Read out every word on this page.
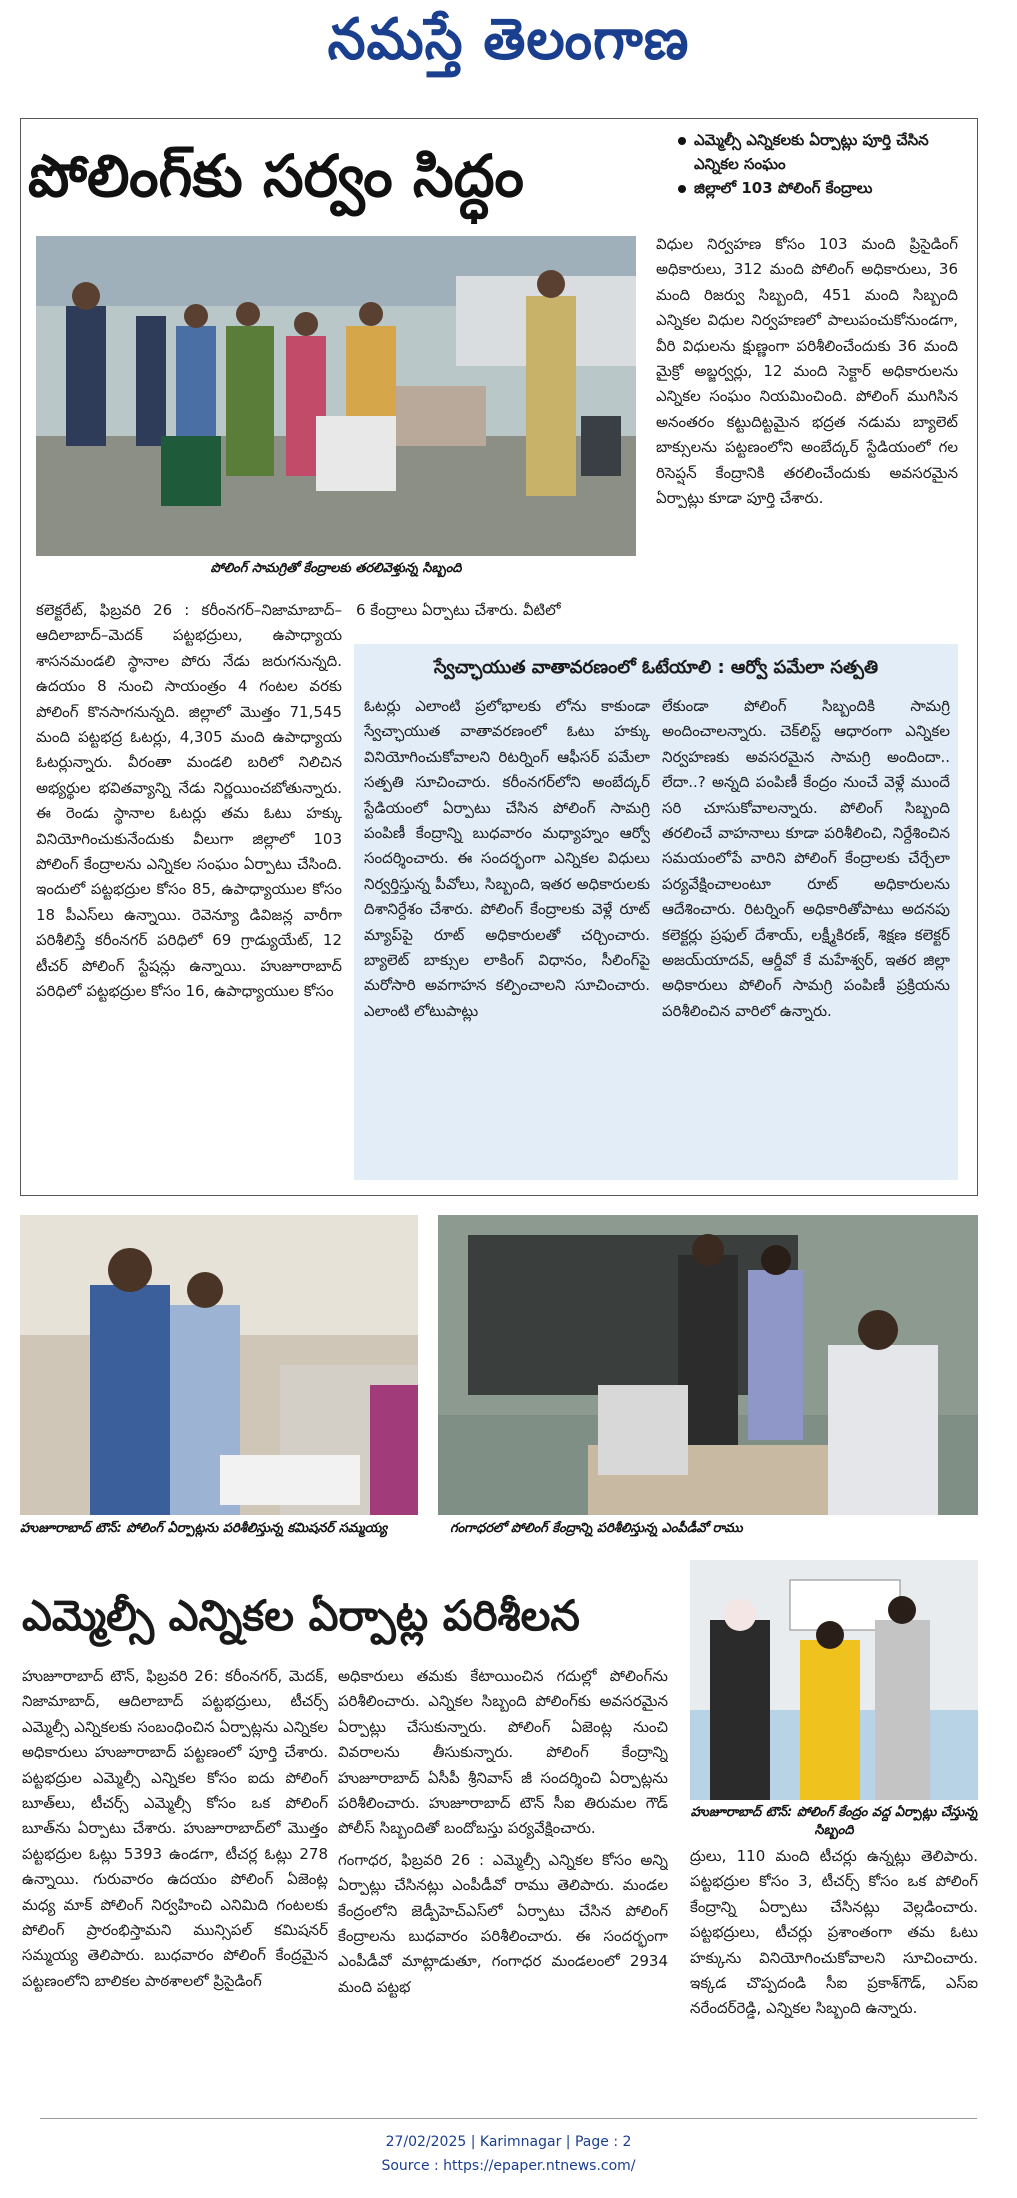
నమస్తే తెలంగాణ
పోలింగ్‌కు సర్వం సిద్ధం
ఎమ్మెల్సీ ఎన్నికలకు ఏర్పాట్లు పూర్తి చేసిన ఎన్నికల సంఘం
జిల్లాలో 103 పోలింగ్ కేంద్రాలు
పోలింగ్ సామగ్రితో కేంద్రాలకు తరలివెళ్తున్న సిబ్బంది

విధుల నిర్వహణ కోసం 103 మంది ప్రిసైడింగ్ అధికారులు, 312 మంది పోలింగ్ అధికారులు, 36 మంది రిజర్వు సిబ్బంది, 451 మంది సిబ్బంది ఎన్నికల విధుల నిర్వహణలో పాలుపంచుకోనుండగా, వీరి విధులను క్షుణ్ణంగా పరిశీలించేందుకు 36 మంది మైక్రో అబ్జర్వర్లు, 12 మంది సెక్టార్ అధికారులను ఎన్నికల సంఘం నియమించింది. పోలింగ్ ముగిసిన అనంతరం కట్టుదిట్టమైన భద్రత నడుమ బ్యాలెట్ బాక్సులను పట్టణంలోని అంబేద్కర్ స్టేడియంలో గల రిసెప్షన్ కేంద్రానికి తరలించేందుకు అవసరమైన ఏర్పాట్లు కూడా పూర్తి చేశారు.

కలెక్టరేట్, ఫిబ్రవరి 26 : కరీంనగర్–నిజామాబాద్–ఆదిలాబాద్–మెదక్ పట్టభద్రులు, ఉపాధ్యాయ శాసనమండలి స్థానాల పోరు నేడు జరుగనున్నది. ఉదయం 8 నుంచి సాయంత్రం 4 గంటల వరకు పోలింగ్ కొనసాగనున్నది. జిల్లాలో మొత్తం 71,545 మంది పట్టభద్ర ఓటర్లు, 4,305 మంది ఉపాధ్యాయ ఓటర్లున్నారు. వీరంతా మండలి బరిలో నిలిచిన అభ్యర్థుల భవితవ్యాన్ని నేడు నిర్ణయించబోతున్నారు. ఈ రెండు స్థానాల ఓటర్లు తమ ఓటు హక్కు వినియోగించుకునేందుకు వీలుగా జిల్లాలో 103 పోలింగ్ కేంద్రాలను ఎన్నికల సంఘం ఏర్పాటు చేసింది. ఇందులో పట్టభద్రుల కోసం 85, ఉపాధ్యాయుల కోసం 18 పీఎస్‌లు ఉన్నాయి. రెవెన్యూ డివిజన్ల వారీగా పరిశీలిస్తే కరీంనగర్ పరిధిలో 69 గ్రాడ్యుయేట్, 12 టీచర్ పోలింగ్ స్టేషన్లు ఉన్నాయి. హుజూరాబాద్ పరిధిలో పట్టభద్రుల కోసం 16, ఉపాధ్యాయుల కోసం

6 కేంద్రాలు ఏర్పాటు చేశారు. వీటిలో

స్వేచ్ఛాయుత వాతావరణంలో ఓటేయాలి : ఆర్వో పమేలా సత్పతి

ఓటర్లు ఎలాంటి ప్రలోభాలకు లోను కాకుండా స్వేచ్ఛాయుత వాతావరణంలో ఓటు హక్కు వినియోగించుకోవాలని రిటర్నింగ్ ఆఫీసర్ పమేలా సత్పతి సూచించారు. కరీంనగర్‌లోని అంబేద్కర్ స్టేడియంలో ఏర్పాటు చేసిన పోలింగ్ సామగ్రి పంపిణీ కేంద్రాన్ని బుధవారం మధ్యాహ్నం ఆర్వో సందర్శించారు. ఈ సందర్భంగా ఎన్నికల విధులు నిర్వర్తిస్తున్న పీవోలు, సిబ్బంది, ఇతర అధికారులకు దిశానిర్దేశం చేశారు. పోలింగ్ కేంద్రాలకు వెళ్లే రూట్ మ్యాప్‌పై రూట్ అధికారులతో చర్చించారు. బ్యాలెట్ బాక్సుల లాకింగ్ విధానం, సీలింగ్‌పై మరోసారి అవగాహన కల్పించాలని సూచించారు. ఎలాంటి లోటుపాట్లు

లేకుండా పోలింగ్ సిబ్బందికి సామగ్రి అందించాలన్నారు. చెక్‌లిస్ట్ ఆధారంగా ఎన్నికల నిర్వహణకు అవసరమైన సామగ్రి అందిందా.. లేదా..? అన్నది పంపిణీ కేంద్రం నుంచే వెళ్లే ముందే సరి చూసుకోవాలన్నారు. పోలింగ్ సిబ్బంది తరలించే వాహనాలు కూడా పరిశీలించి, నిర్దేశించిన సమయంలోపే వారిని పోలింగ్ కేంద్రాలకు చేర్చేలా పర్యవేక్షించాలంటూ రూట్ అధికారులను ఆదేశించారు. రిటర్నింగ్ అధికారితోపాటు అదనపు కలెక్టర్లు ప్రఫుల్ దేశాయ్, లక్ష్మీకిరణ్, శిక్షణ కలెక్టర్ అజయ్‌యాదవ్, ఆర్డీవో కే మహేశ్వర్, ఇతర జిల్లా అధికారులు పోలింగ్ సామగ్రి పంపిణీ ప్రక్రియను పరిశీలించిన వారిలో ఉన్నారు.

హుజూరాబాద్ టౌన్: పోలింగ్ ఏర్పాట్లను పరిశీలిస్తున్న కమిషనర్ సమ్మయ్య	గంగాధరలో పోలింగ్ కేంద్రాన్ని పరిశీలిస్తున్న ఎంపీడీవో రాము
ఎమ్మెల్సీ ఎన్నికల ఏర్పాట్ల పరిశీలన

హుజూరాబాద్ టౌన్, ఫిబ్రవరి 26: కరీంనగర్, మెదక్, నిజామాబాద్, ఆదిలాబాద్ పట్టభద్రులు, టీచర్స్ ఎమ్మెల్సీ ఎన్నికలకు సంబంధించిన ఏర్పాట్లను ఎన్నికల అధికారులు హుజూరాబాద్ పట్టణంలో పూర్తి చేశారు. పట్టభద్రుల ఎమ్మెల్సీ ఎన్నికల కోసం ఐదు పోలింగ్ బూత్‌లు, టీచర్స్ ఎమ్మెల్సీ కోసం ఒక పోలింగ్ బూత్‌ను ఏర్పాటు చేశారు. హుజూరాబాద్‌లో మొత్తం పట్టభద్రుల ఓట్లు 5393 ఉండగా, టీచర్ల ఓట్లు 278 ఉన్నాయి. గురువారం ఉదయం పోలింగ్ ఏజెంట్ల మధ్య మాక్ పోలింగ్ నిర్వహించి ఎనిమిది గంటలకు పోలింగ్ ప్రారంభిస్తామని మున్సిపల్ కమిషనర్ సమ్మయ్య తెలిపారు. బుధవారం పోలింగ్ కేంద్రమైన పట్టణంలోని బాలికల పాఠశాలలో ప్రిసైడింగ్

అధికారులు తమకు కేటాయించిన గదుల్లో పోలింగ్‌ను పరిశీలించారు. ఎన్నికల సిబ్బంది పోలింగ్‌కు అవసరమైన ఏర్పాట్లు చేసుకున్నారు. పోలింగ్ ఏజెంట్ల నుంచి వివరాలను తీసుకున్నారు. పోలింగ్ కేంద్రాన్ని హుజూరాబాద్ ఏసీపీ శ్రీనివాస్ జీ సందర్శించి ఏర్పాట్లను పరిశీలించారు. హుజూరాబాద్ టౌన్ సీఐ తిరుమల గౌడ్ పోలీస్ సిబ్బందితో బందోబస్తు పర్యవేక్షించారు.

గంగాధర, ఫిబ్రవరి 26 : ఎమ్మెల్సీ ఎన్నికల కోసం అన్ని ఏర్పాట్లు చేసినట్లు ఎంపీడీవో రాము తెలిపారు. మండల కేంద్రంలోని జెడ్పీహెచ్ఎస్‌లో ఏర్పాటు చేసిన పోలింగ్ కేంద్రాలను బుధవారం పరిశీలించారు. ఈ సందర్భంగా ఎంపీడీవో మాట్లాడుతూ, గంగాధర మండలంలో 2934 మంది పట్టభ

హుజూరాబాద్ టౌన్: పోలింగ్ కేంద్రం వద్ద ఏర్పాట్లు చేస్తున్న సిబ్బంది

ద్రులు, 110 మంది టీచర్లు ఉన్నట్లు తెలిపారు. పట్టభద్రుల కోసం 3, టీచర్స్ కోసం ఒక పోలింగ్ కేంద్రాన్ని ఏర్పాటు చేసినట్లు వెల్లడించారు. పట్టభద్రులు, టీచర్లు ప్రశాంతంగా తమ ఓటు హక్కును వినియోగించుకోవాలని సూచించారు. ఇక్కడ చొప్పదండి సీఐ ప్రకాశ్‌గౌడ్, ఎస్ఐ నరేందర్‌రెడ్డి, ఎన్నికల సిబ్బంది ఉన్నారు.

27/02/2025 | Karimnagar | Page : 2
Source : https://epaper.ntnews.com/
